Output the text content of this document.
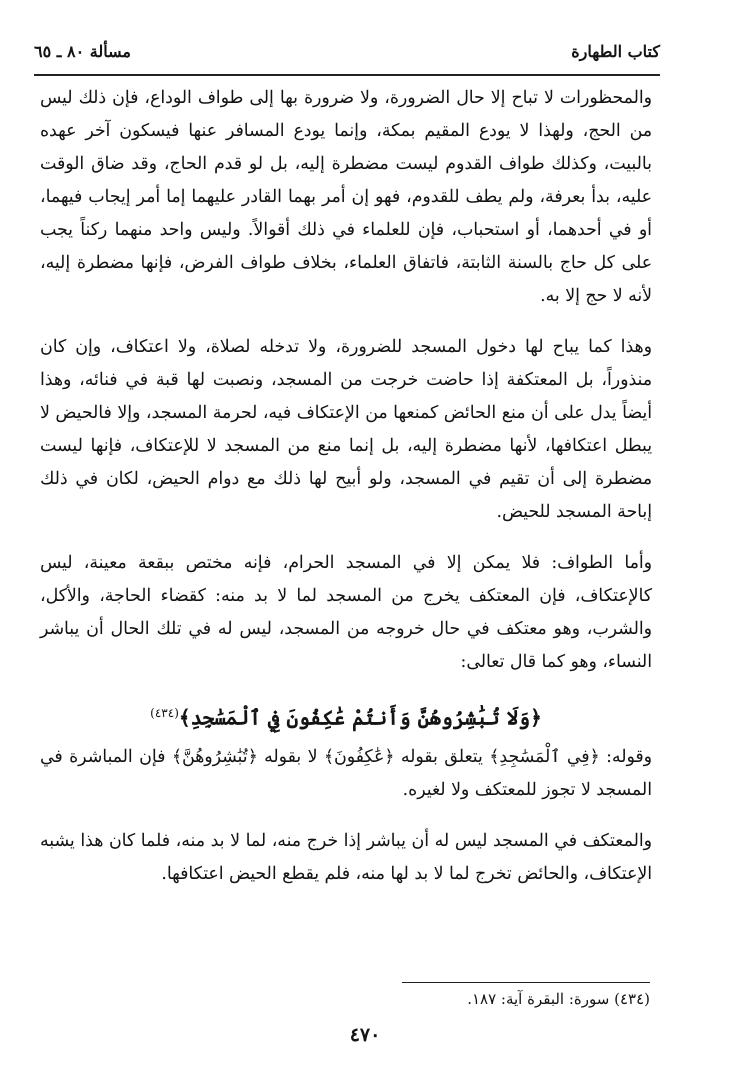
كتاب الطهارة
مسألة ٨٠ ـ ٦٥

والمحظورات لا تباح إلا حال الضرورة، ولا ضرورة بها إلى طواف الوداع، فإن ذلك ليس من الحج، ولهذا لا يودع المقيم بمكة، وإنما يودع المسافر عنها فيسكون آخر عهده بالبيت، وكذلك طواف القدوم ليست مضطرة إليه، بل لو قدم الحاج، وقد ضاق الوقت عليه، بدأ بعرفة، ولم يطف للقدوم، فهو إن أمر بهما القادر عليهما إما أمر إيجاب فيهما، أو في أحدهما، أو استحباب، فإن للعلماء في ذلك أقوالاً. وليس واحد منهما ركناً يجب على كل حاج بالسنة الثابتة، فاتفاق العلماء، بخلاف طواف الفرض، فإنها مضطرة إليه، لأنه لا حج إلا به.

وهذا كما يباح لها دخول المسجد للضرورة، ولا تدخله لصلاة، ولا اعتكاف، وإن كان منذوراً، بل المعتكفة إذا حاضت خرجت من المسجد، ونصبت لها قبة في فنائه، وهذا أيضاً يدل على أن منع الحائض كمنعها من الإعتكاف فيه، لحرمة المسجد، وإلا فالحيض لا يبطل اعتكافها، لأنها مضطرة إليه، بل إنما منع من المسجد لا للإعتكاف، فإنها ليست مضطرة إلى أن تقيم في المسجد، ولو أبيح لها ذلك مع دوام الحيض، لكان في ذلك إباحة المسجد للحيض.

وأما الطواف: فلا يمكن إلا في المسجد الحرام، فإنه مختص ببقعة معينة، ليس كالإعتكاف، فإن المعتكف يخرج من المسجد لما لا بد منه: كقضاء الحاجة، والأكل، والشرب، وهو معتكف في حال خروجه من المسجد، ليس له في تلك الحال أن يباشر النساء، وهو كما قال تعالى:

﴿وَلَا تُبَٰشِرُوهُنَّ وَأَنتُمْ عَٰكِفُونَ فِي ٱلْمَسَٰجِدِ﴾$^{(٤٣٤)}$

وقوله: ﴿فِي ٱلْمَسَٰجِدِ﴾ يتعلق بقوله ﴿عَٰكِفُونَ﴾ لا بقوله ﴿تُبَٰشِرُوهُنَّ﴾ فإن المباشرة في المسجد لا تجوز للمعتكف ولا لغيره.

والمعتكف في المسجد ليس له أن يباشر إذا خرج منه، لما لا بد منه، فلما كان هذا يشبه الإعتكاف، والحائض تخرج لما لا بد لها منه، فلم يقطع الحيض اعتكافها.

(٤٣٤) سورة: البقرة آية: ١٨٧.
٤٧٠
